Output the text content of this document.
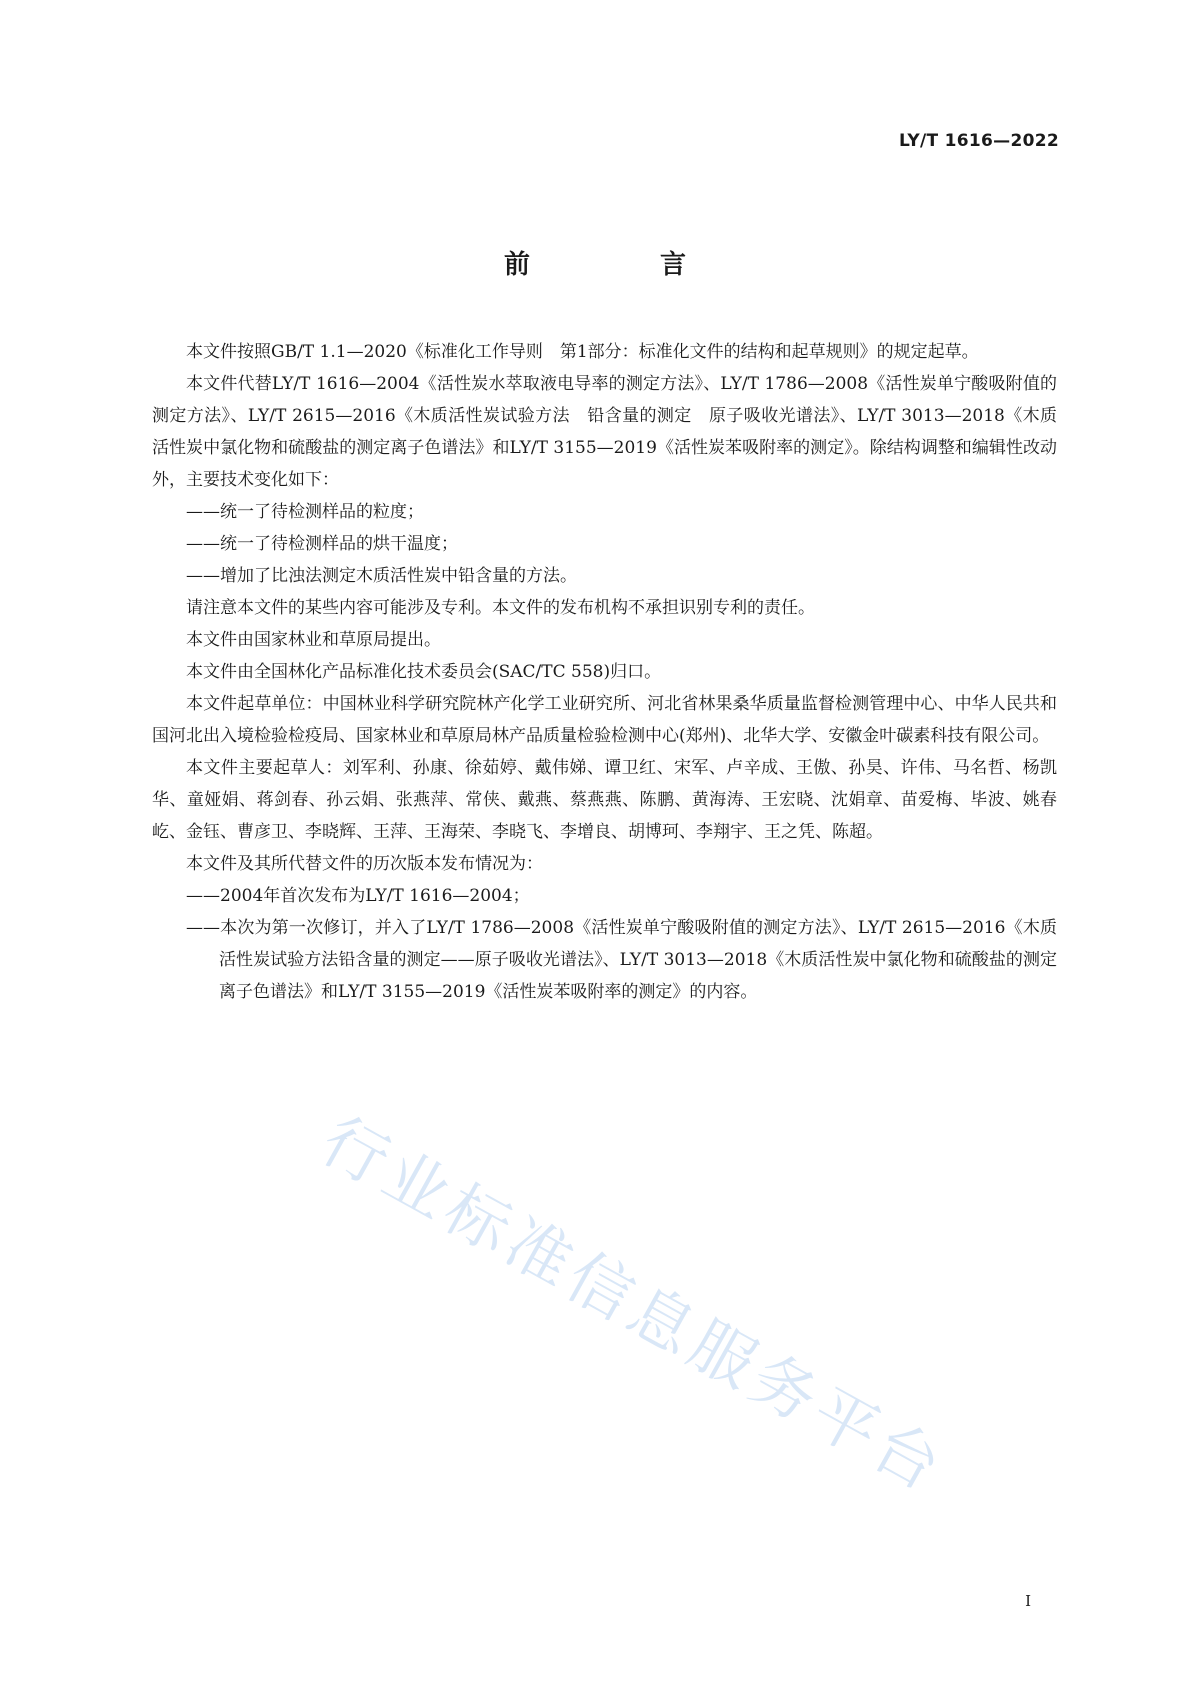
LY/T 1616—2022
前　言

本文件按照GB/T 1.1—2020《标准化工作导则　第1部分：标准化文件的结构和起草规则》的规定起草。

本文件代替LY/T 1616—2004《活性炭水萃取液电导率的测定方法》、LY/T 1786—2008《活性炭单宁酸吸附值的测定方法》、LY/T 2615—2016《木质活性炭试验方法　铅含量的测定　原子吸收光谱法》、LY/T 3013—2018《木质活性炭中氯化物和硫酸盐的测定离子色谱法》和LY/T 3155—2019《活性炭苯吸附率的测定》。除结构调整和编辑性改动外，主要技术变化如下：

——统一了待检测样品的粒度；

——统一了待检测样品的烘干温度；

——增加了比浊法测定木质活性炭中铅含量的方法。

请注意本文件的某些内容可能涉及专利。本文件的发布机构不承担识别专利的责任。

本文件由国家林业和草原局提出。

本文件由全国林化产品标准化技术委员会(SAC/TC 558)归口。

本文件起草单位：中国林业科学研究院林产化学工业研究所、河北省林果桑华质量监督检测管理中心、中华人民共和国河北出入境检验检疫局、国家林业和草原局林产品质量检验检测中心(郑州)、北华大学、安徽金叶碳素科技有限公司。

本文件主要起草人：刘军利、孙康、徐茹婷、戴伟娣、谭卫红、宋军、卢辛成、王傲、孙昊、许伟、马名哲、杨凯华、童娅娟、蒋剑春、孙云娟、张燕萍、常侠、戴燕、蔡燕燕、陈鹏、黄海涛、王宏晓、沈娟章、苗爱梅、毕波、姚春屹、金钰、曹彦卫、李晓辉、王萍、王海荣、李晓飞、李增良、胡博珂、李翔宇、王之凭、陈超。

本文件及其所代替文件的历次版本发布情况为：

——2004年首次发布为LY/T 1616—2004；

——本次为第一次修订，并入了LY/T 1786—2008《活性炭单宁酸吸附值的测定方法》、LY/T 2615—2016《木质活性炭试验方法铅含量的测定——原子吸收光谱法》、LY/T 3013—2018《木质活性炭中氯化物和硫酸盐的测定离子色谱法》和LY/T 3155—2019《活性炭苯吸附率的测定》的内容。

行业标准信息服务平台
I
